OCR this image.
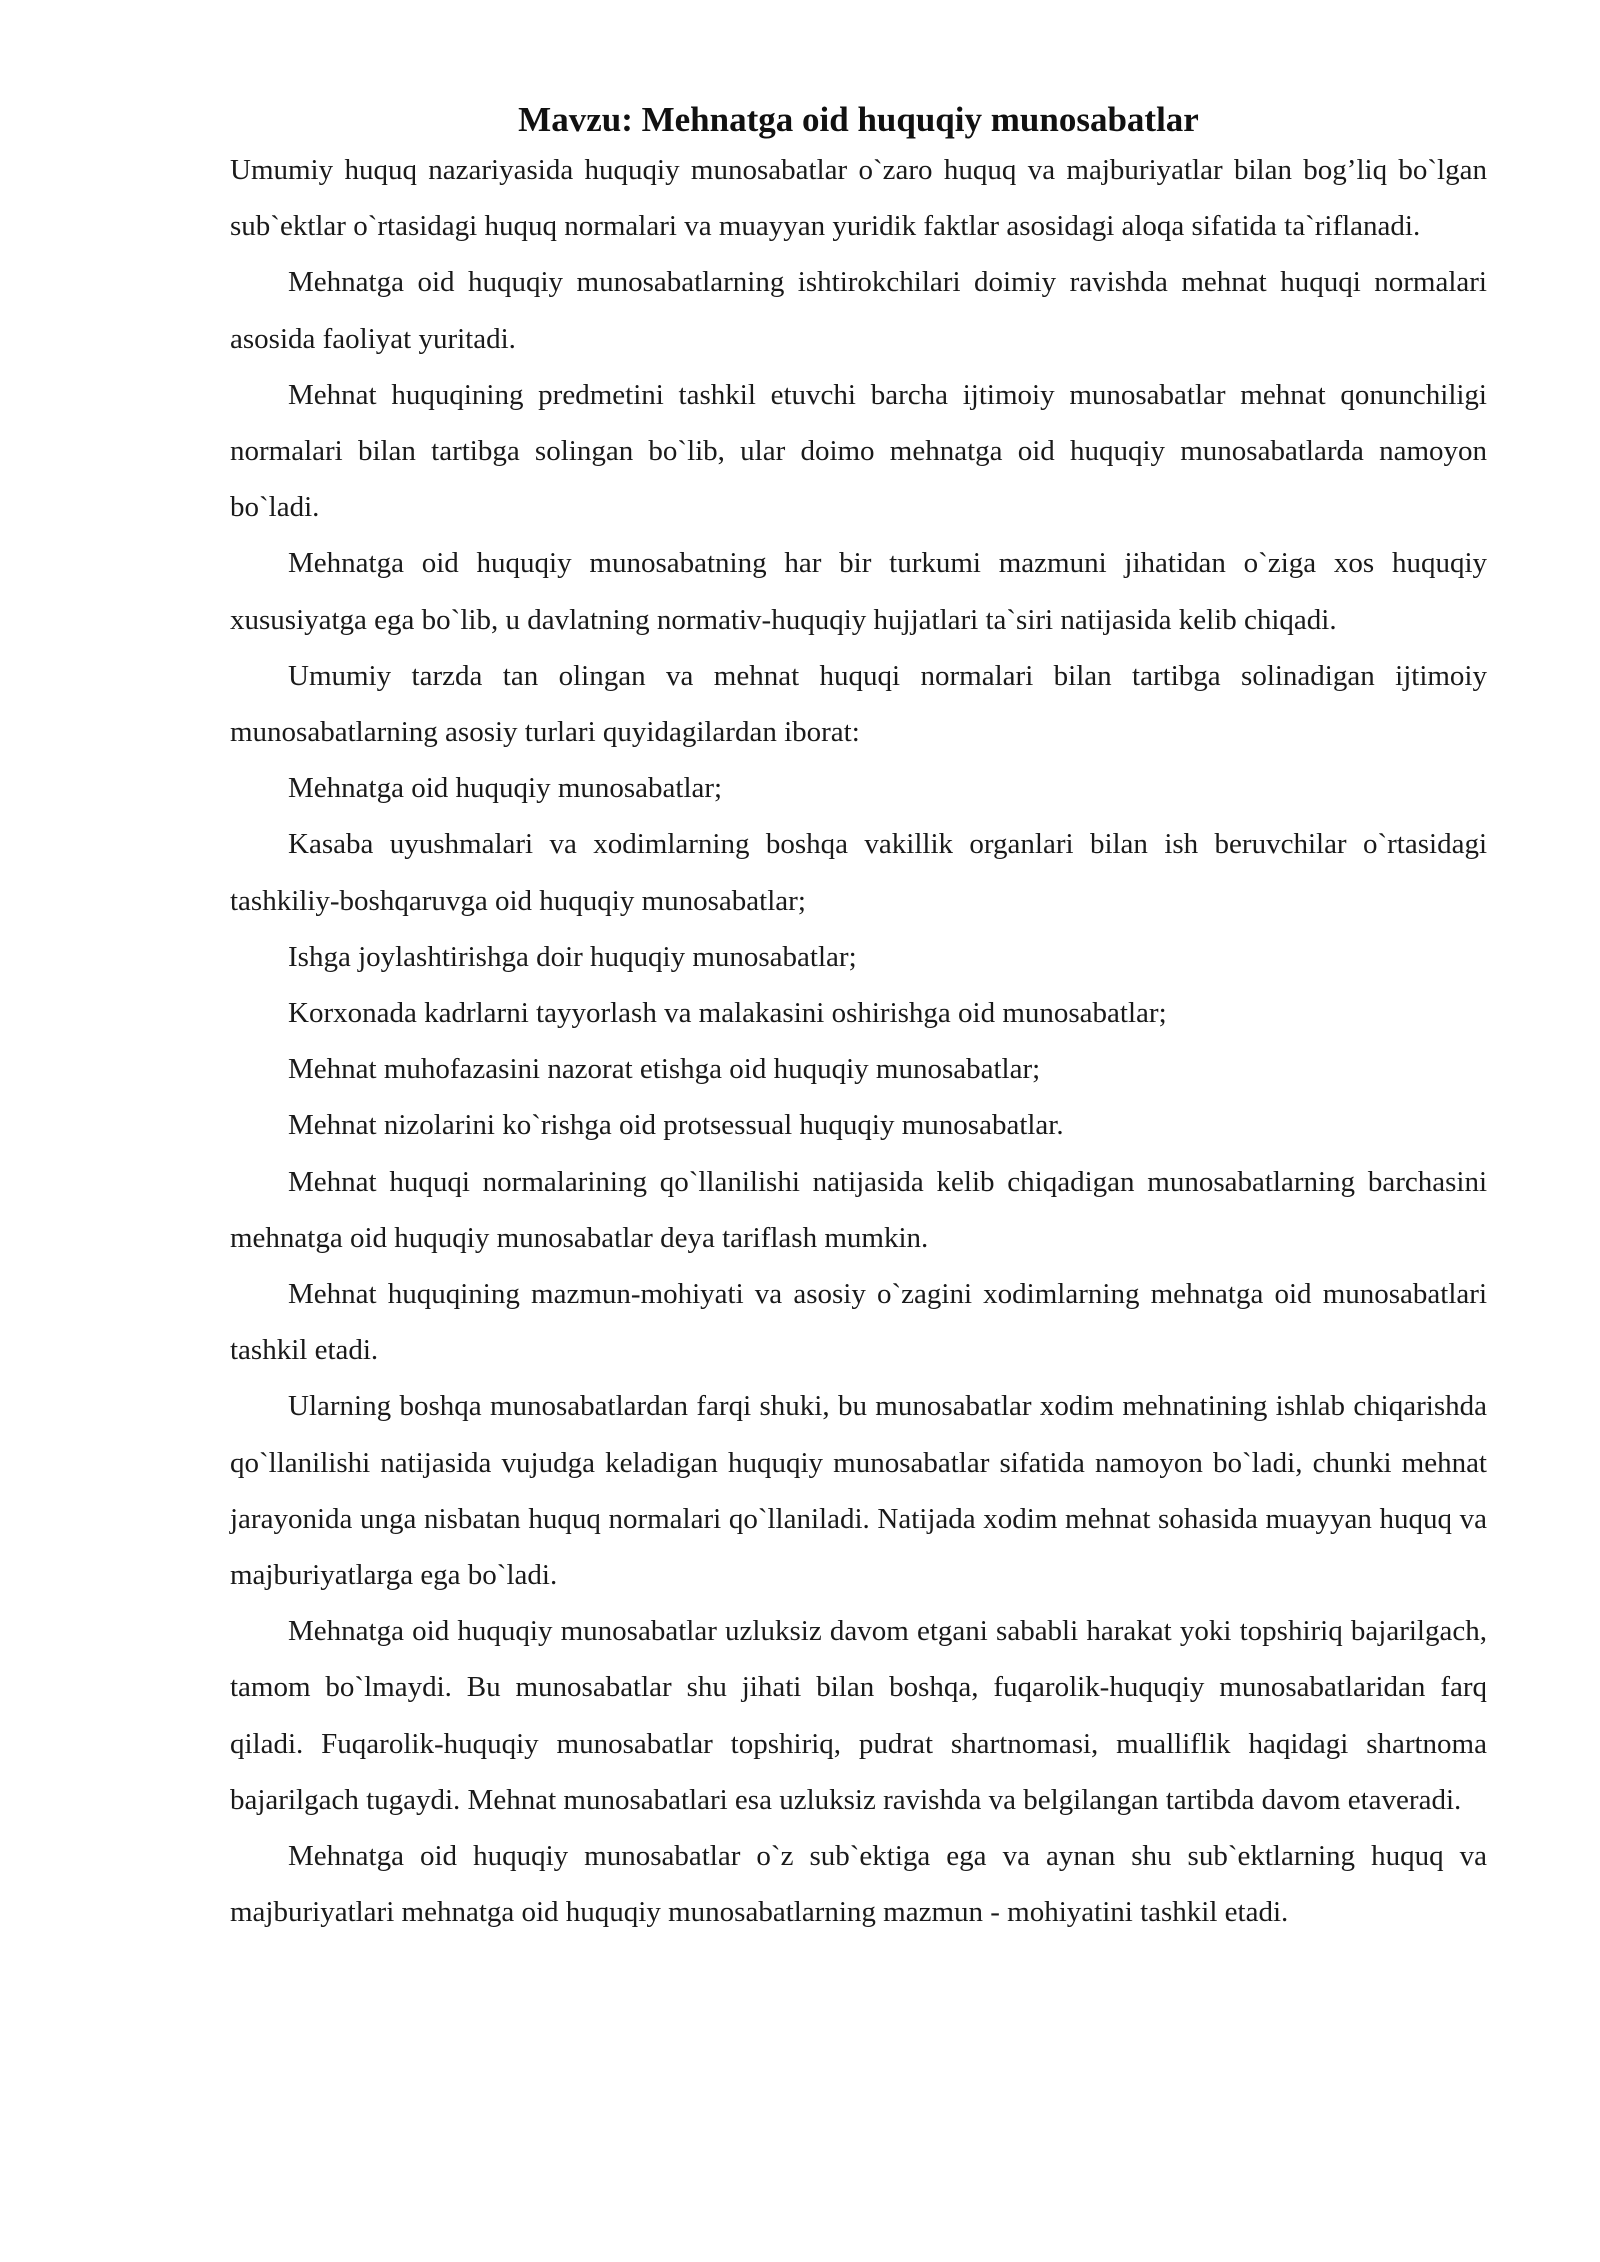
Mavzu: Mehnatga oid huquqiy munosabatlar

Umumiy huquq nazariyasida huquqiy munosabatlar o`zaro huquq va majburiyatlar bilan bog’liq bo`lgan sub`ektlar o`rtasidagi huquq normalari va muayyan yuridik faktlar asosidagi aloqa sifatida ta`riflanadi.

Mehnatga oid huquqiy munosabatlarning ishtirokchilari doimiy ravishda mehnat huquqi normalari asosida faoliyat yuritadi.

Mehnat huquqining predmetini tashkil etuvchi barcha ijtimoiy munosabatlar mehnat qonunchiligi normalari bilan tartibga solingan bo`lib, ular doimo mehnatga oid huquqiy munosabatlarda namoyon bo`ladi.

Mehnatga oid huquqiy munosabatning har bir turkumi mazmuni jihatidan o`ziga xos huquqiy xususiyatga ega bo`lib, u davlatning normativ-huquqiy hujjatlari ta`siri natijasida kelib chiqadi.

Umumiy tarzda tan olingan va mehnat huquqi normalari bilan tartibga solinadigan ijtimoiy munosabatlarning asosiy turlari quyidagilardan iborat:

Mehnatga oid huquqiy munosabatlar;

Kasaba uyushmalari va xodimlarning boshqa vakillik organlari bilan ish beruvchilar o`rtasidagi tashkiliy-boshqaruvga oid huquqiy munosabatlar;

Ishga joylashtirishga doir huquqiy munosabatlar;

Korxonada kadrlarni tayyorlash va malakasini oshirishga oid munosabatlar;

Mehnat muhofazasini nazorat etishga oid huquqiy munosabatlar;

Mehnat nizolarini ko`rishga oid protsessual huquqiy munosabatlar.

Mehnat huquqi normalarining qo`llanilishi natijasida kelib chiqadigan munosabatlarning barchasini mehnatga oid huquqiy munosabatlar deya tariflash mumkin.

Mehnat huquqining mazmun-mohiyati va asosiy o`zagini xodimlarning mehnatga oid munosabatlari tashkil etadi.

Ularning boshqa munosabatlardan farqi shuki, bu munosabatlar xodim mehnatining ishlab chiqarishda qo`llanilishi natijasida vujudga keladigan huquqiy munosabatlar sifatida namoyon bo`ladi, chunki mehnat jarayonida unga nisbatan huquq normalari qo`llaniladi. Natijada xodim mehnat sohasida muayyan huquq va majburiyatlarga ega bo`ladi.

Mehnatga oid huquqiy munosabatlar uzluksiz davom etgani sababli harakat yoki topshiriq bajarilgach, tamom bo`lmaydi. Bu munosabatlar shu jihati bilan boshqa, fuqarolik-huquqiy munosabatlaridan farq qiladi. Fuqarolik-huquqiy munosabatlar topshiriq, pudrat shartnomasi, mualliflik haqidagi shartnoma bajarilgach tugaydi. Mehnat munosabatlari esa uzluksiz ravishda va belgilangan tartibda davom etaveradi.

Mehnatga oid huquqiy munosabatlar o`z sub`ektiga ega va aynan shu sub`ektlarning huquq va majburiyatlari mehnatga oid huquqiy munosabatlarning mazmun - mohiyatini tashkil etadi.
